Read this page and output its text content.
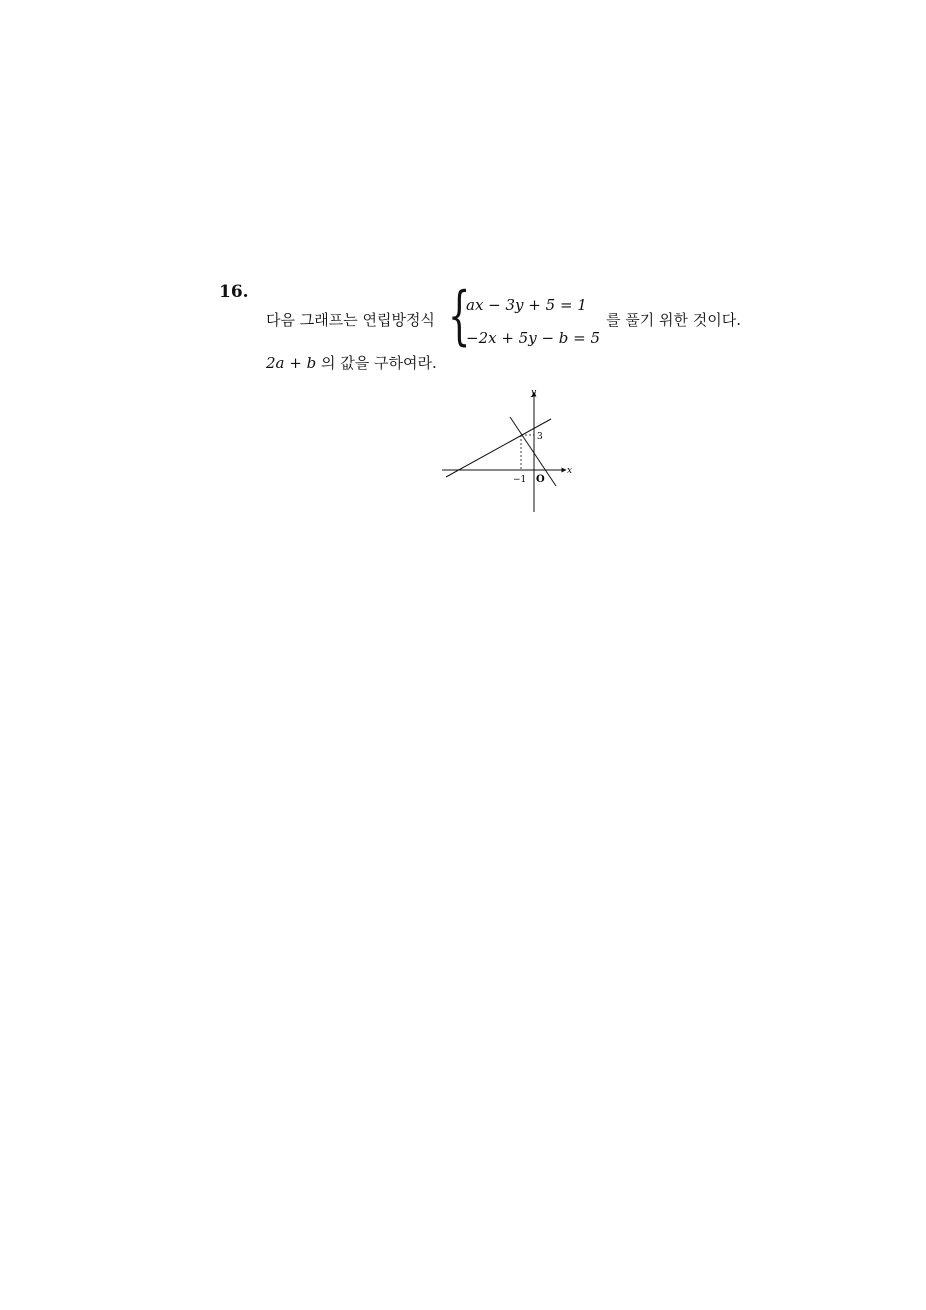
16.
다음 그래프는 연립방정식 {
ax − 3y + 5 = 1
−2x + 5y − b = 5
를 풀기 위한 것이다.
2a + b 의 값을 구하여라.
y
x
3
−1 O
